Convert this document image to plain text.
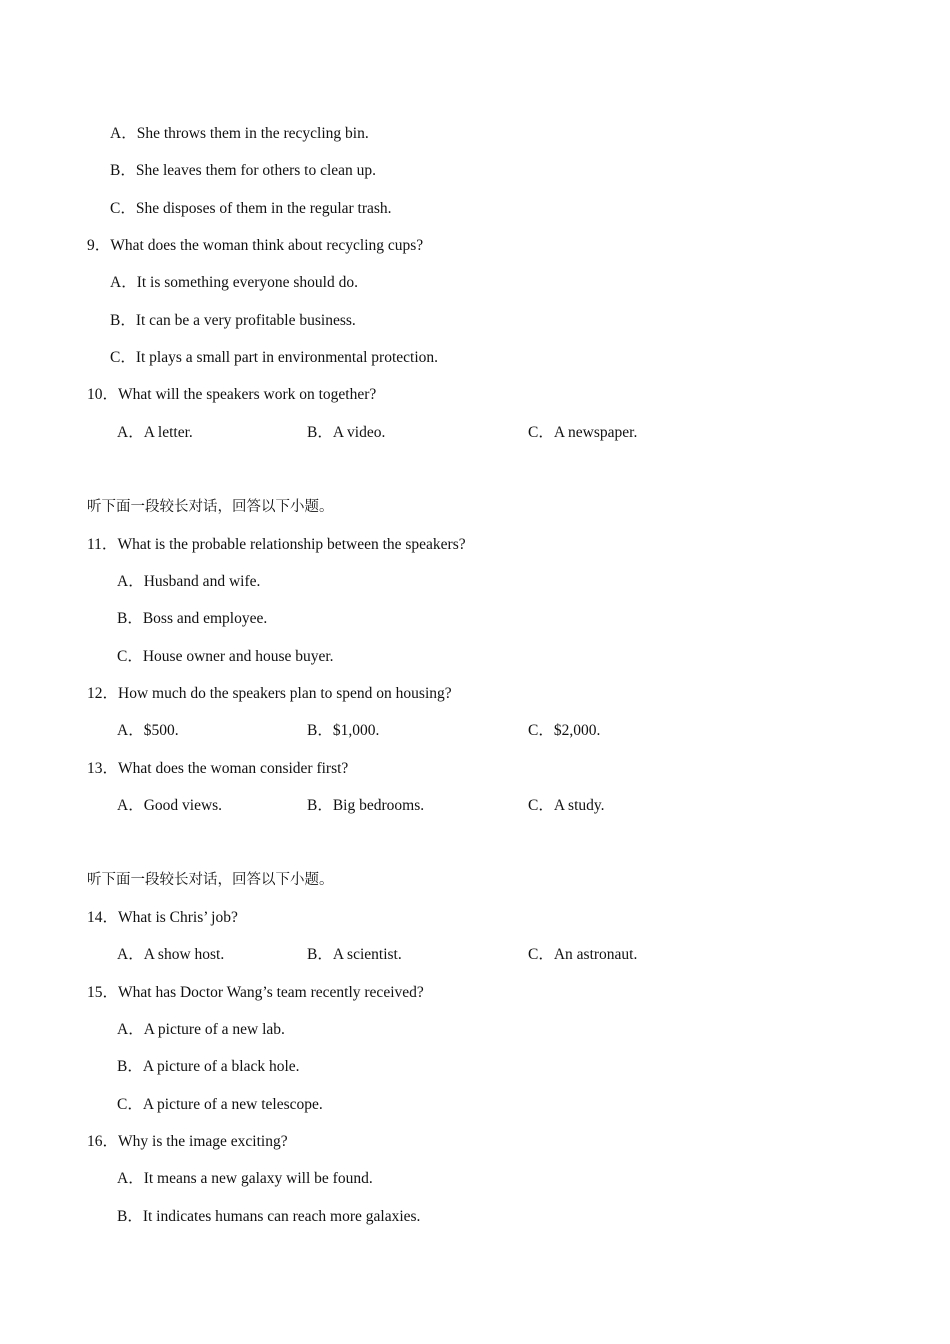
A．She throws them in the recycling bin.
B．She leaves them for others to clean up.
C．She disposes of them in the regular trash.
9．What does the woman think about recycling cups?
A．It is something everyone should do.
B．It can be a very profitable business.
C．It plays a small part in environmental protection.
10．What will the speakers work on together?
A．A letter.	B．A video.	C．A newspaper.
听下面一段较长对话，回答以下小题。
11．What is the probable relationship between the speakers?
A．Husband and wife.
B．Boss and employee.
C．House owner and house buyer.
12．How much do the speakers plan to spend on housing?
A．$500.	B．$1,000.	C．$2,000.
13．What does the woman consider first?
A．Good views.	B．Big bedrooms.	C．A study.
听下面一段较长对话，回答以下小题。
14．What is Chris’ job?
A．A show host.	B．A scientist.	C．An astronaut.
15．What has Doctor Wang’s team recently received?
A．A picture of a new lab.
B．A picture of a black hole.
C．A picture of a new telescope.
16．Why is the image exciting?
A．It means a new galaxy will be found.
B．It indicates humans can reach more galaxies.
